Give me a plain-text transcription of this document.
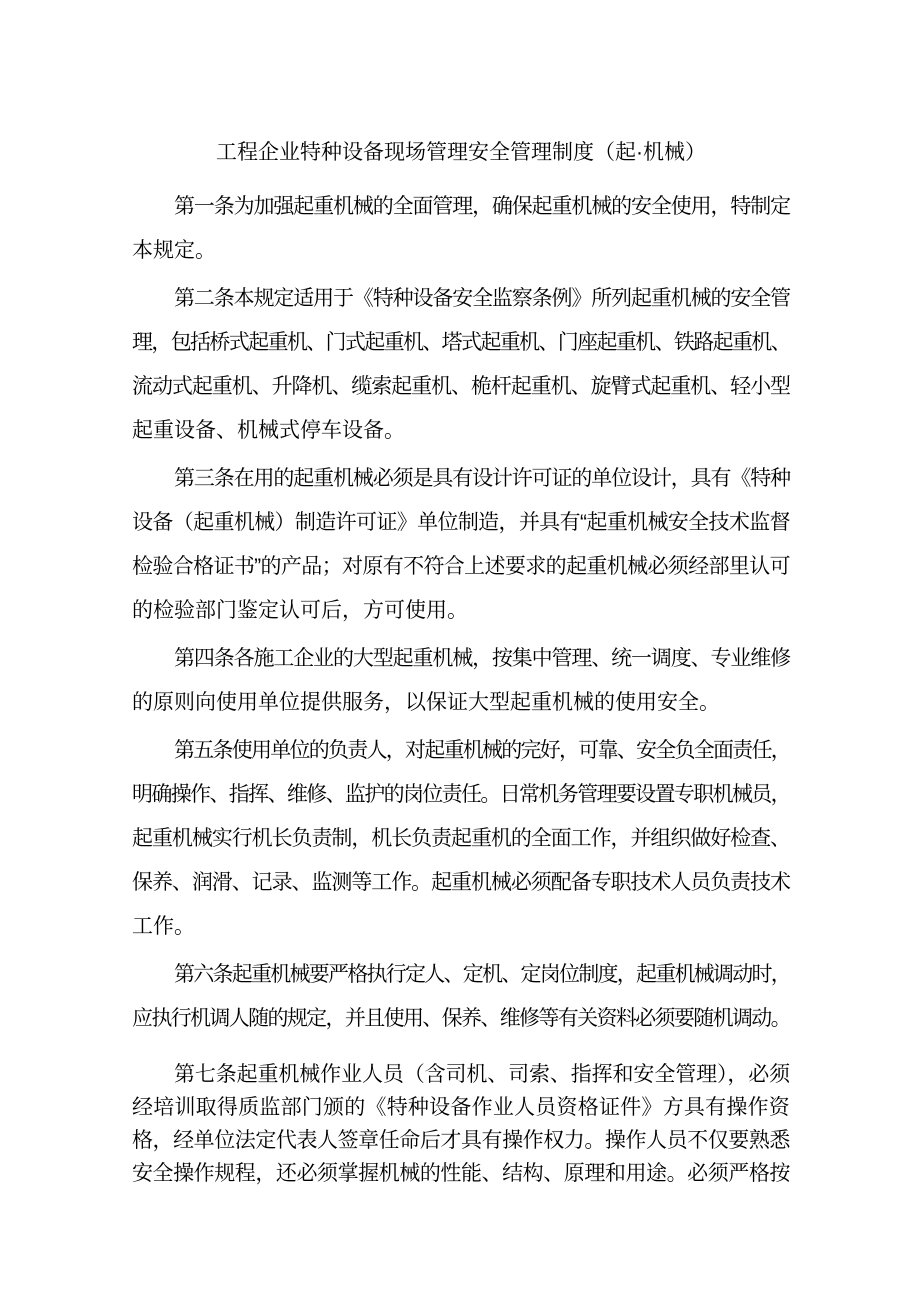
工程企业特种设备现场管理安全管理制度（起·机械）
第一条为加强起重机械的全面管理，确保起重机械的安全使用，特制定
本规定。
第二条本规定适用于《特种设备安全监察条例》所列起重机械的安全管
理，包括桥式起重机、门式起重机、塔式起重机、门座起重机、铁路起重机、
流动式起重机、升降机、缆索起重机、桅杆起重机、旋臂式起重机、轻小型
起重设备、机械式停车设备。
第三条在用的起重机械必须是具有设计许可证的单位设计，具有《特种
设备（起重机械）制造许可证》单位制造，并具有“起重机械安全技术监督
检验合格证书”的产品；对原有不符合上述要求的起重机械必须经部里认可
的检验部门鉴定认可后，方可使用。
第四条各施工企业的大型起重机械，按集中管理、统一调度、专业维修
的原则向使用单位提供服务，以保证大型起重机械的使用安全。
第五条使用单位的负责人，对起重机械的完好，可靠、安全负全面责任，
明确操作、指挥、维修、监护的岗位责任。日常机务管理要设置专职机械员，
起重机械实行机长负责制，机长负责起重机的全面工作，并组织做好检查、
保养、润滑、记录、监测等工作。起重机械必须配备专职技术人员负责技术
工作。
第六条起重机械要严格执行定人、定机、定岗位制度，起重机械调动时，
应执行机调人随的规定，并且使用、保养、维修等有关资料必须要随机调动。
第七条起重机械作业人员（含司机、司索、指挥和安全管理），必须
经培训取得质监部门颁的《特种设备作业人员资格证件》方具有操作资
格，经单位法定代表人签章任命后才具有操作权力。操作人员不仅要熟悉
安全操作规程，还必须掌握机械的性能、结构、原理和用途。必须严格按
